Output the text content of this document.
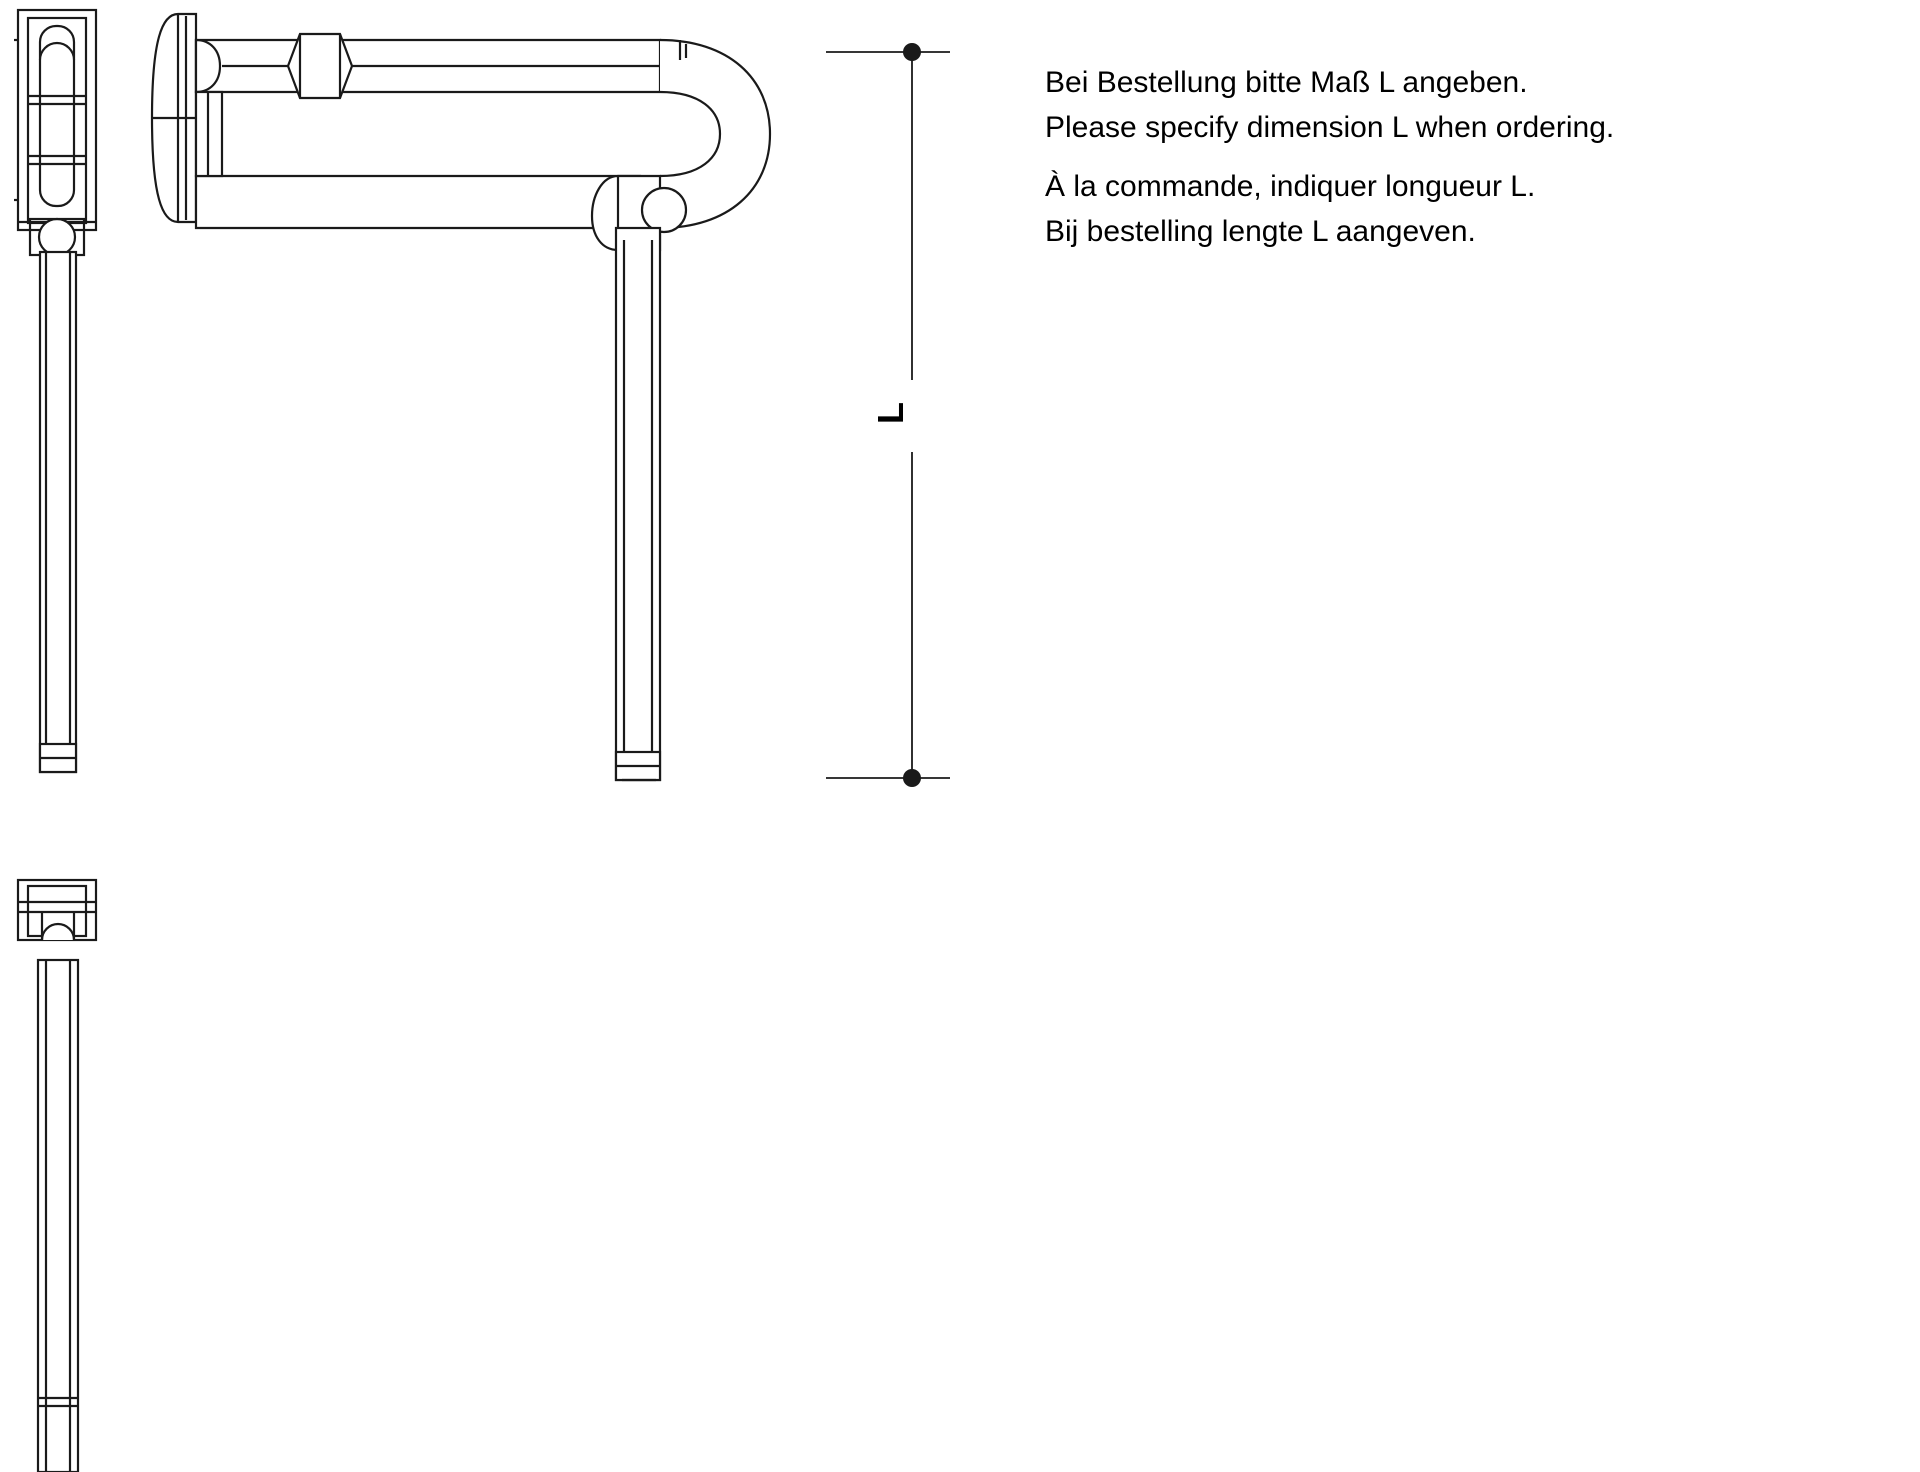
L
Bei Bestellung bitte Maß L angeben.
Please specify dimension L when ordering.
À la commande, indiquer longueur L.
Bij bestelling lengte L aangeven.
